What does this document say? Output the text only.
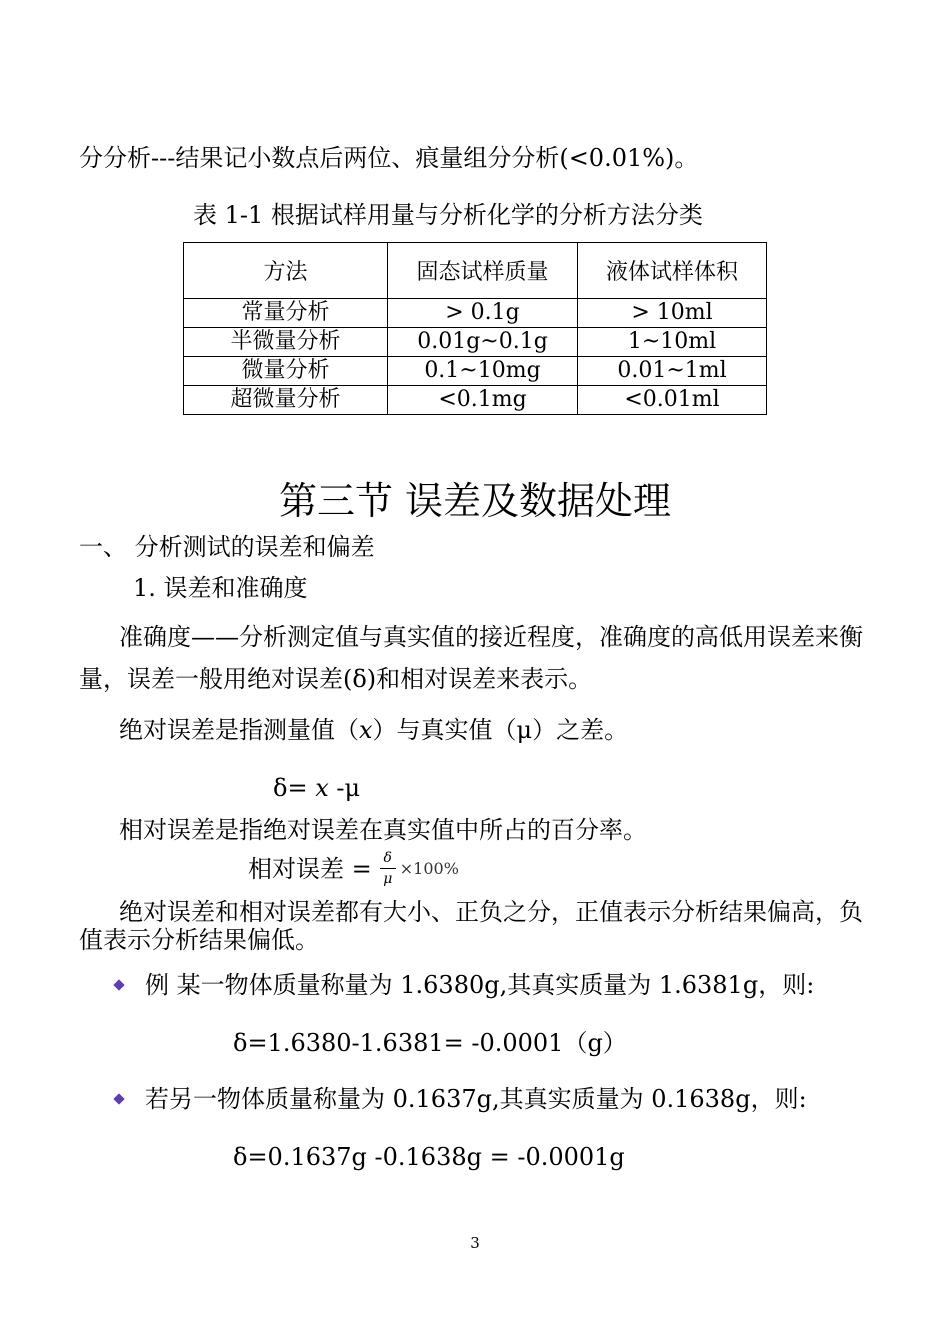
分分析---结果记小数点后两位、痕量组分分析(<0.01%)。
表 1-1 根据试样用量与分析化学的分析方法分类
方法	固态试样质量	液体试样体积
常量分析	> 0.1g	> 10ml
半微量分析	0.01g~0.1g	1~10ml
微量分析	0.1~10mg	0.01~1ml
超微量分析	<0.1mg	<0.01ml
第三节 误差及数据处理
一、 分析测试的误差和偏差
1. 误差和准确度
准确度——分析测定值与真实值的接近程度，准确度的高低用误差来衡量，误差一般用绝对误差(δ)和相对误差来表示。
绝对误差是指测量值（x）与真实值（μ）之差。
δ= x -μ
相对误差是指绝对误差在真实值中所占的百分率。
相对误差 = $\frac{\delta}{\mu} \times 100\%$
绝对误差和相对误差都有大小、正负之分，正值表示分析结果偏高，负值表示分析结果偏低。
例 某一物体质量称量为 1.6380g,其真实质量为 1.6381g，则:
δ=1.6380-1.6381= -0.0001（g）
若另一物体质量称量为 0.1637g,其真实质量为 0.1638g，则:
δ=0.1637g -0.1638g = -0.0001g
3
